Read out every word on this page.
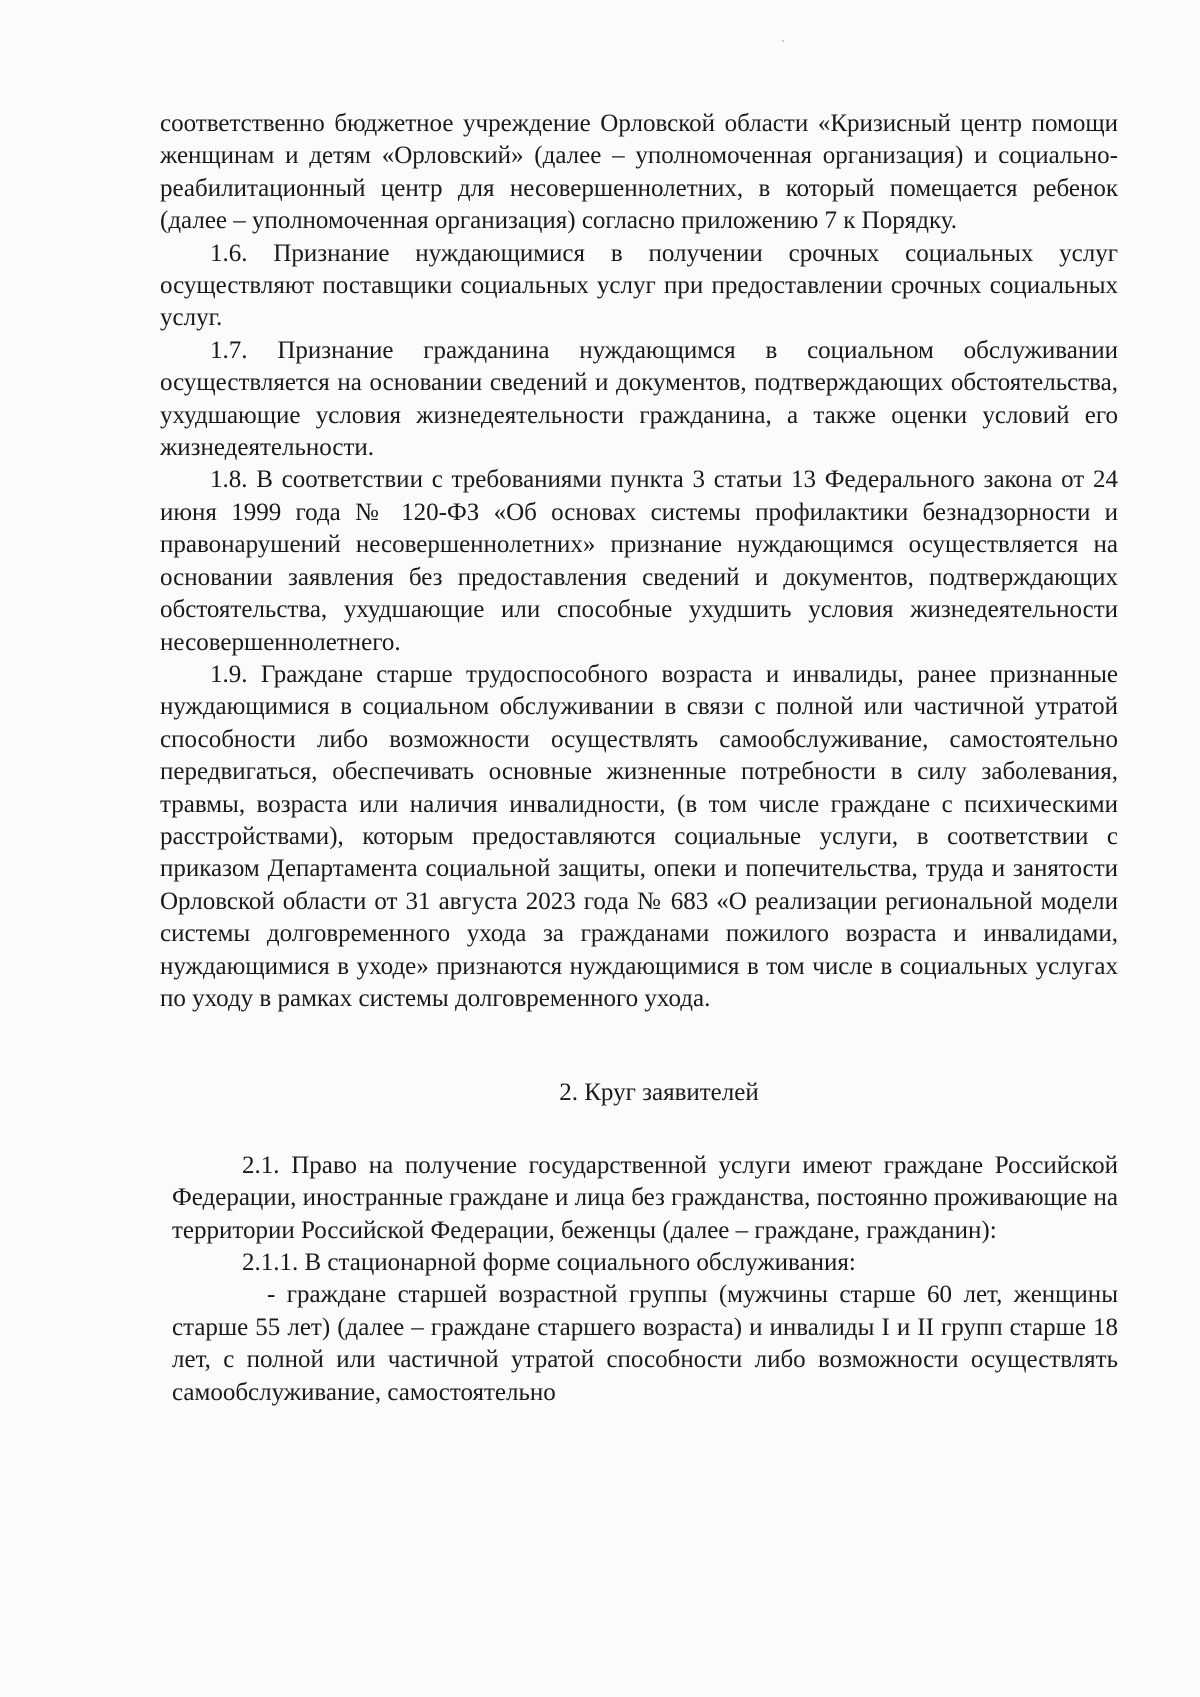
соответственно бюджетное учреждение Орловской области «Кризисный центр помощи женщинам и детям «Орловский» (далее – уполномоченная организация) и социально-реабилитационный центр для несовершеннолетних, в который помещается ребенок (далее – уполномоченная организация) согласно приложению 7 к Порядку.

1.6. Признание нуждающимися в получении срочных социальных услуг осуществляют поставщики социальных услуг при предоставлении срочных социальных услуг.

1.7. Признание гражданина нуждающимся в социальном обслуживании осуществляется на основании сведений и документов, подтверждающих обстоятельства, ухудшающие условия жизнедеятельности гражданина, а также оценки условий его жизнедеятельности.

1.8. В соответствии с требованиями пункта 3 статьи 13 Федерального закона от 24 июня 1999 года № 120-ФЗ «Об основах системы профилактики безнадзорности и правонарушений несовершеннолетних» признание нуждающимся осуществляется на основании заявления без предоставления сведений и документов, подтверждающих обстоятельства, ухудшающие или способные ухудшить условия жизнедеятельности несовершеннолетнего.

1.9. Граждане старше трудоспособного возраста и инвалиды, ранее признанные нуждающимися в социальном обслуживании в связи с полной или частичной утратой способности либо возможности осуществлять самообслуживание, самостоятельно передвигаться, обеспечивать основные жизненные потребности в силу заболевания, травмы, возраста или наличия инвалидности, (в том числе граждане с психическими расстройствами), которым предоставляются социальные услуги, в соответствии с приказом Департамента социальной защиты, опеки и попечительства, труда и занятости Орловской области от 31 августа 2023 года № 683 «О реализации региональной модели системы долговременного ухода за гражданами пожилого возраста и инвалидами, нуждающимися в уходе» признаются нуждающимися в том числе в социальных услугах по уходу в рамках системы долговременного ухода.

2. Круг заявителей

2.1. Право на получение государственной услуги имеют граждане Российской Федерации, иностранные граждане и лица без гражданства, постоянно проживающие на территории Российской Федерации, беженцы (далее – граждане, гражданин):

2.1.1. В стационарной форме социального обслуживания:

- граждане старшей возрастной группы (мужчины старше 60 лет, женщины старше 55 лет) (далее – граждане старшего возраста) и инвалиды I и II групп старше 18 лет, с полной или частичной утратой способности либо возможности осуществлять самообслуживание, самостоятельно
